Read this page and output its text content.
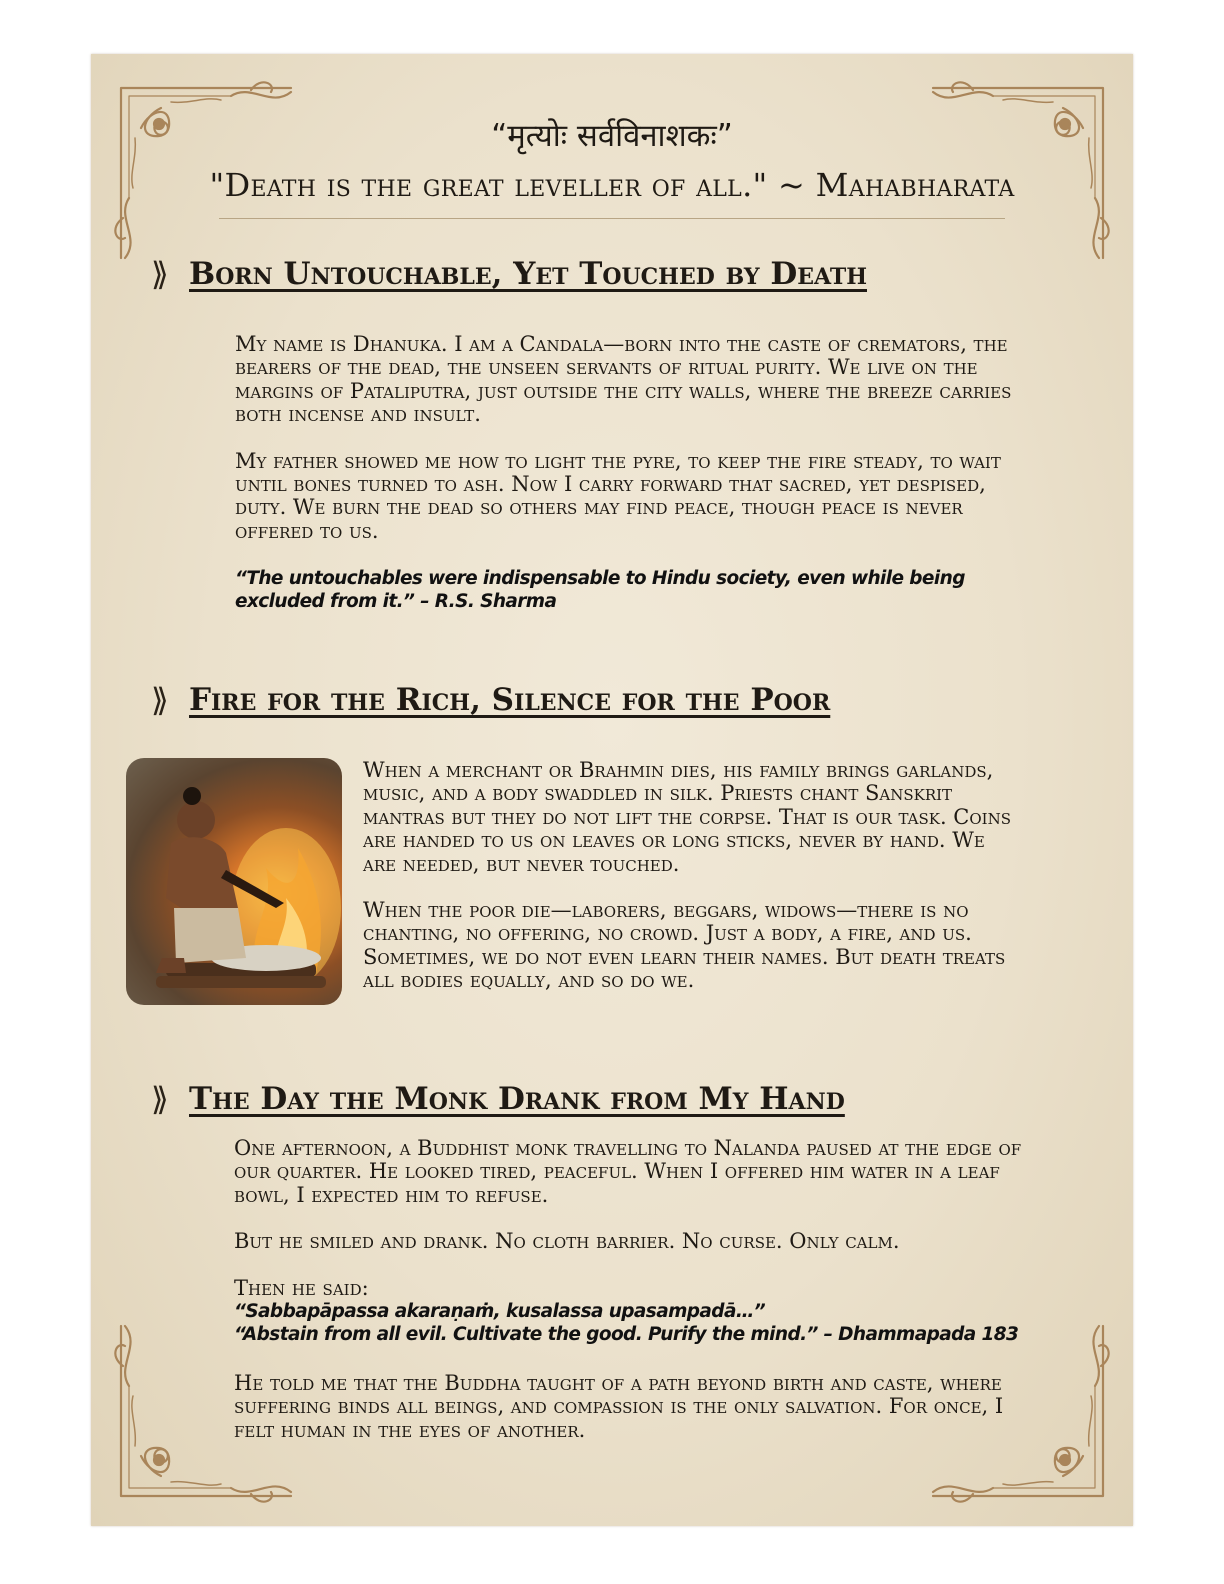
“मृत्योः सर्वविनाशकः”
"Death is the great leveller of all." ~ Mahabharata
⟫ Born Untouchable, Yet Touched by Death

My name is Dhanuka. I am a Candala—born into the caste of cremators, the bearers of the dead, the unseen servants of ritual purity. We live on the margins of Pataliputra, just outside the city walls, where the breeze carries both incense and insult.

My father showed me how to light the pyre, to keep the fire steady, to wait until bones turned to ash. Now I carry forward that sacred, yet despised, duty. We burn the dead so others may find peace, though peace is never offered to us.

“The untouchables were indispensable to Hindu society, even while being excluded from it.” – R.S. Sharma
⟫ Fire for the Rich, Silence for the Poor

When a merchant or Brahmin dies, his family brings garlands, music, and a body swaddled in silk. Priests chant Sanskrit mantras but they do not lift the corpse. That is our task. Coins are handed to us on leaves or long sticks, never by hand. We are needed, but never touched.

When the poor die—laborers, beggars, widows—there is no chanting, no offering, no crowd. Just a body, a fire, and us. Sometimes, we do not even learn their names. But death treats all bodies equally, and so do we.

⟫ The Day the Monk Drank from My Hand

One afternoon, a Buddhist monk travelling to Nalanda paused at the edge of our quarter. He looked tired, peaceful. When I offered him water in a leaf bowl, I expected him to refuse.

But he smiled and drank. No cloth barrier. No curse. Only calm.

Then he said:

“Sabbapāpassa akaraṇaṁ, kusalassa upasampadā…”
“Abstain from all evil. Cultivate the good. Purify the mind.” – Dhammapada 183

He told me that the Buddha taught of a path beyond birth and caste, where suffering binds all beings, and compassion is the only salvation. For once, I felt human in the eyes of another.
